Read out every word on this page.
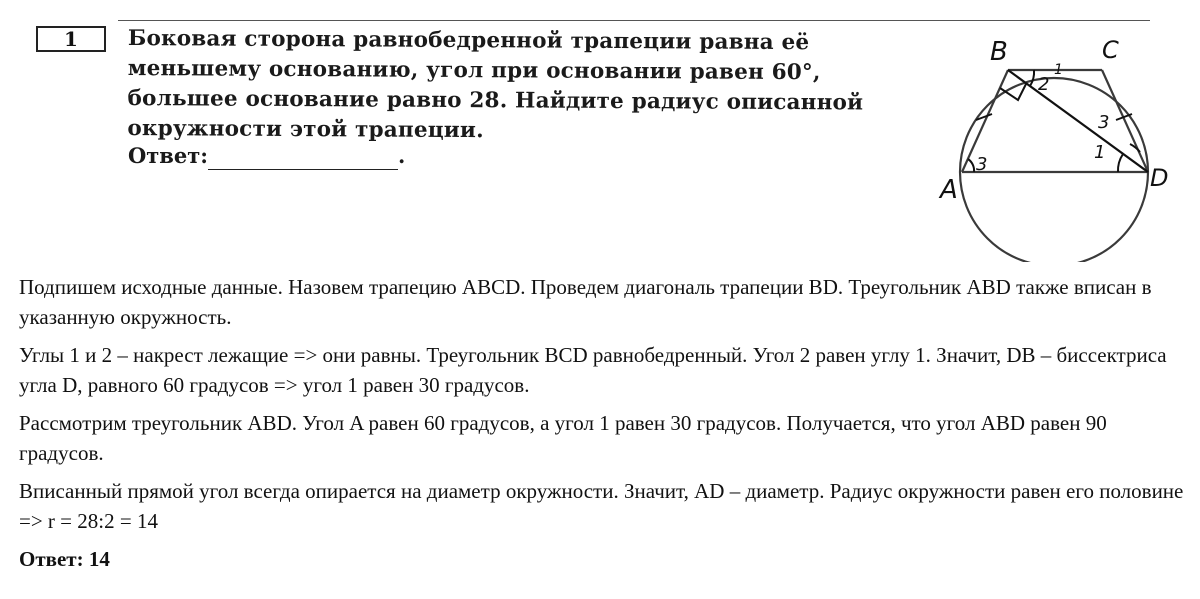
1	Боковая сторона равнобедренной трапеции равна её меньшему основанию, угол при основании равен 60°, большее основание равно 28. Найдите радиус описанной окружности этой трапеции.
Ответ:	.
B	C
A	D
2
1
3
1
3

Подпишем исходные данные. Назовем трапецию ABCD. Проведем диагональ трапеции BD. Треугольник ABD также вписан в указанную окружность.

Углы 1 и 2 – накрест лежащие => они равны. Треугольник BCD равнобедренный. Угол 2 равен углу 1. Значит, DB – биссектриса угла D, равного 60 градусов => угол 1 равен 30 градусов.

Рассмотрим треугольник ABD. Угол A равен 60 градусов, а угол 1 равен 30 градусов. Получается, что угол ABD равен 90 градусов.

Вписанный прямой угол всегда опирается на диаметр окружности. Значит, AD – диаметр. Радиус окружности равен его половине => r = 28:2 = 14

Ответ: 14
